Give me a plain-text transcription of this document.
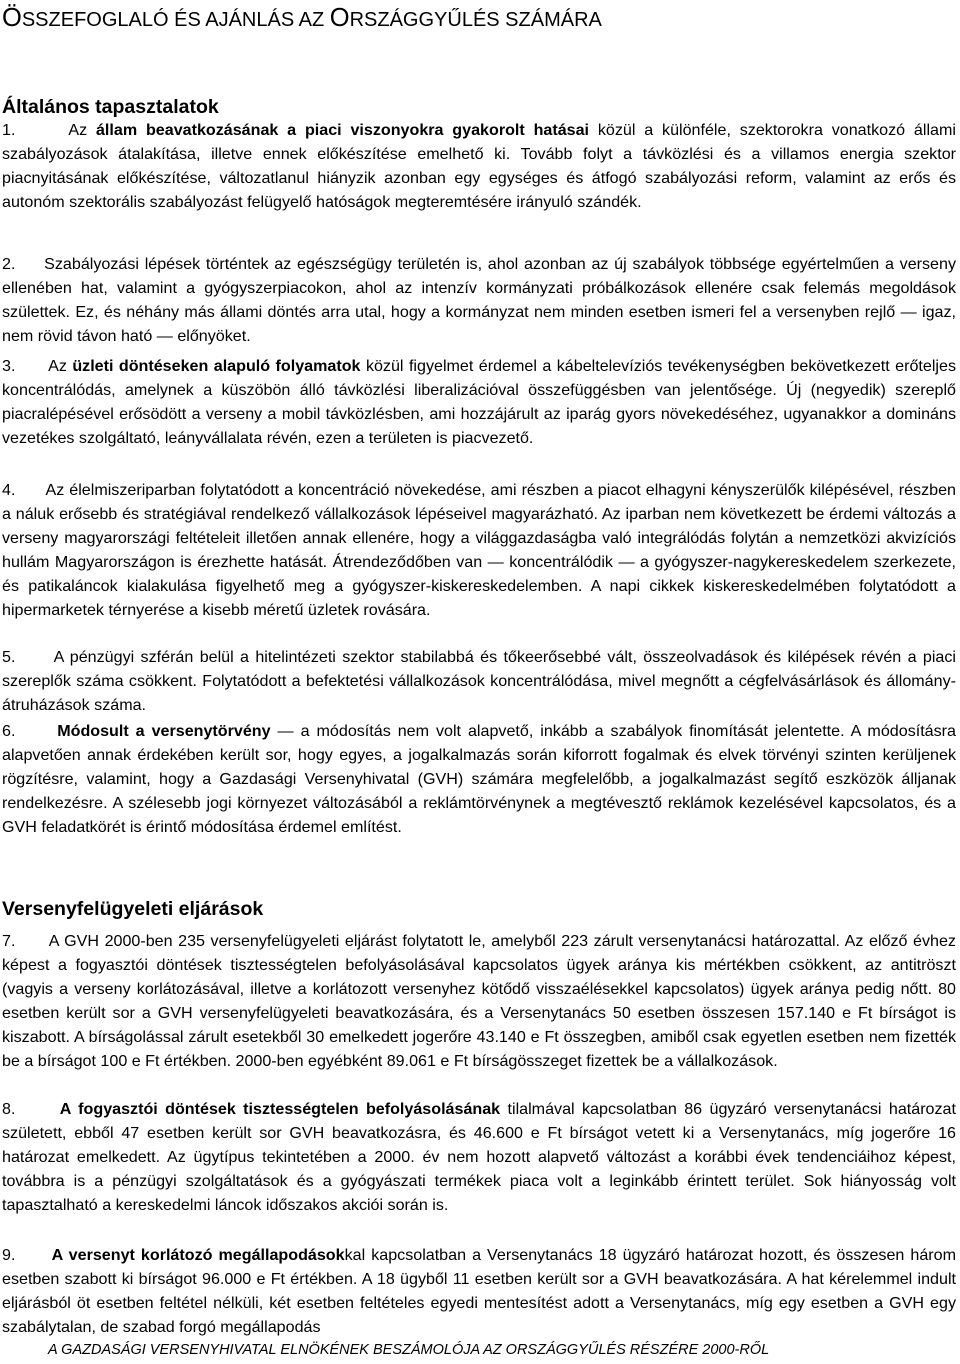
ÖSSZEFOGLALÓ ÉS AJÁNLÁS AZ ORSZÁGGYŰLÉS SZÁMÁRA
Általános tapasztalatok

1.	Az állam beavatkozásának a piaci viszonyokra gyakorolt hatásai közül a különféle, szektorokra vonatkozó állami szabályozások átalakítása, illetve ennek előkészítése emelhető ki. Tovább folyt a távközlési és a villamos energia szektor piacnyitásának előkészítése, változatlanul hiányzik azonban egy egységes és átfogó szabályozási reform, valamint az erős és autonóm szektorális szabályozást felügyelő hatóságok megteremtésére irányuló szándék.

2. Szabályozási lépések történtek az egészségügy területén is, ahol azonban az új szabályok többsége egyértelműen a verseny ellenében hat, valamint a gyógyszerpiacokon, ahol az intenzív kormányzati próbálkozások ellenére csak felemás megoldások születtek. Ez, és néhány más állami döntés arra utal, hogy a kormányzat nem minden esetben ismeri fel a versenyben rejlő — igaz, nem rövid távon ható — előnyöket.

3. Az üzleti döntéseken alapuló folyamatok közül figyelmet érdemel a kábeltelevíziós tevékenységben bekövetkezett erőteljes koncentrálódás, amelynek a küszöbön álló távközlési liberalizációval összefüggésben van jelentősége. Új (negyedik) szereplő piacralépésével erősödött a verseny a mobil távközlésben, ami hozzájárult az iparág gyors növekedéséhez, ugyanakkor a domináns vezetékes szolgáltató, leányvállalata révén, ezen a területen is piacvezető.

4. Az élelmiszeriparban folytatódott a koncentráció növekedése, ami részben a piacot elhagyni kényszerülők kilépésével, részben a náluk erősebb és stratégiával rendelkező vállalkozások lépéseivel magyarázható. Az iparban nem következett be érdemi változás a verseny magyarországi feltételeit illetően annak ellenére, hogy a világgazdaságba való integrálódás folytán a nemzetközi akvizíciós hullám Magyarországon is érezhette hatását. Átrendeződőben van — koncentrálódik — a gyógyszer-nagykereskedelem szerkezete, és patikaláncok kialakulása figyelhető meg a gyógyszer-kiskereskedelemben. A napi cikkek kiskereskedelmében folytatódott a hipermarketek térnyerése a kisebb méretű üzletek rovására.

5. A pénzügyi szférán belül a hitelintézeti szektor stabilabbá és tőkeerősebbé vált, összeolvadások és kilépések révén a piaci szereplők száma csökkent. Folytatódott a befektetési vállalkozások koncentrálódása, mivel megnőtt a cégfelvásárlások és állomány-átruházások száma.

6.	Módosult a versenytörvény — a módosítás nem volt alapvető, inkább a szabályok finomítását jelentette. A módosításra alapvetően annak érdekében került sor, hogy egyes, a jogalkalmazás során kiforrott fogalmak és elvek törvényi szinten kerüljenek rögzítésre, valamint, hogy a Gazdasági Versenyhivatal (GVH) számára megfelelőbb, a jogalkalmazást segítő eszközök álljanak rendelkezésre. A szélesebb jogi környezet változásából a reklámtörvénynek a megtévesztő reklámok kezelésével kapcsolatos, és a GVH feladatkörét is érintő módosítása érdemel említést.

Versenyfelügyeleti eljárások

7. A GVH 2000-ben 235 versenyfelügyeleti eljárást folytatott le, amelyből 223 zárult versenytanácsi határozattal. Az előző évhez képest a fogyasztói döntések tisztességtelen befolyásolásával kapcsolatos ügyek aránya kis mértékben csökkent, az antitröszt (vagyis a verseny korlátozásával, illetve a korlátozott versenyhez kötődő visszaélésekkel kapcsolatos) ügyek aránya pedig nőtt. 80 esetben került sor a GVH versenyfelügyeleti beavatkozására, és a Versenytanács 50 esetben összesen 157.140 e Ft bírságot is kiszabott. A bírságolással zárult esetekből 30 emelkedett jogerőre 43.140 e Ft összegben, amiből csak egyetlen esetben nem fizették be a bírságot 100 e Ft értékben. 2000-ben egyébként 89.061 e Ft bírságösszeget fizettek be a vállalkozások.

8.	A fogyasztói döntések tisztességtelen befolyásolásának tilalmával kapcsolatban 86 ügyzáró versenytanácsi határozat született, ebből 47 esetben került sor GVH beavatkozásra, és 46.600 e Ft bírságot vetett ki a Versenytanács, míg jogerőre 16 határozat emelkedett. Az ügytípus tekintetében a 2000. év nem hozott alapvető változást a korábbi évek tendenciáihoz képest, továbbra is a pénzügyi szolgáltatások és a gyógyászati termékek piaca volt a leginkább érintett terület. Sok hiányosság volt tapasztalható a kereskedelmi láncok időszakos akciói során is.

9. A versenyt korlátozó megállapodásokkal kapcsolatban a Versenytanács 18 ügyzáró határozat hozott, és összesen három esetben szabott ki bírságot 96.000 e Ft értékben. A 18 ügyből 11 esetben került sor a GVH beavatkozására. A hat kérelemmel indult eljárásból öt esetben feltétel nélküli, két esetben feltételes egyedi mentesítést adott a Versenytanács, míg egy esetben a GVH egy szabálytalan, de szabad forgó megállapodás

A GAZDASÁGI VERSENYHIVATAL ELNÖKÉNEK BESZÁMOLÓJA AZ ORSZÁGGYŰLÉS RÉSZÉRE 2000-RŐL
